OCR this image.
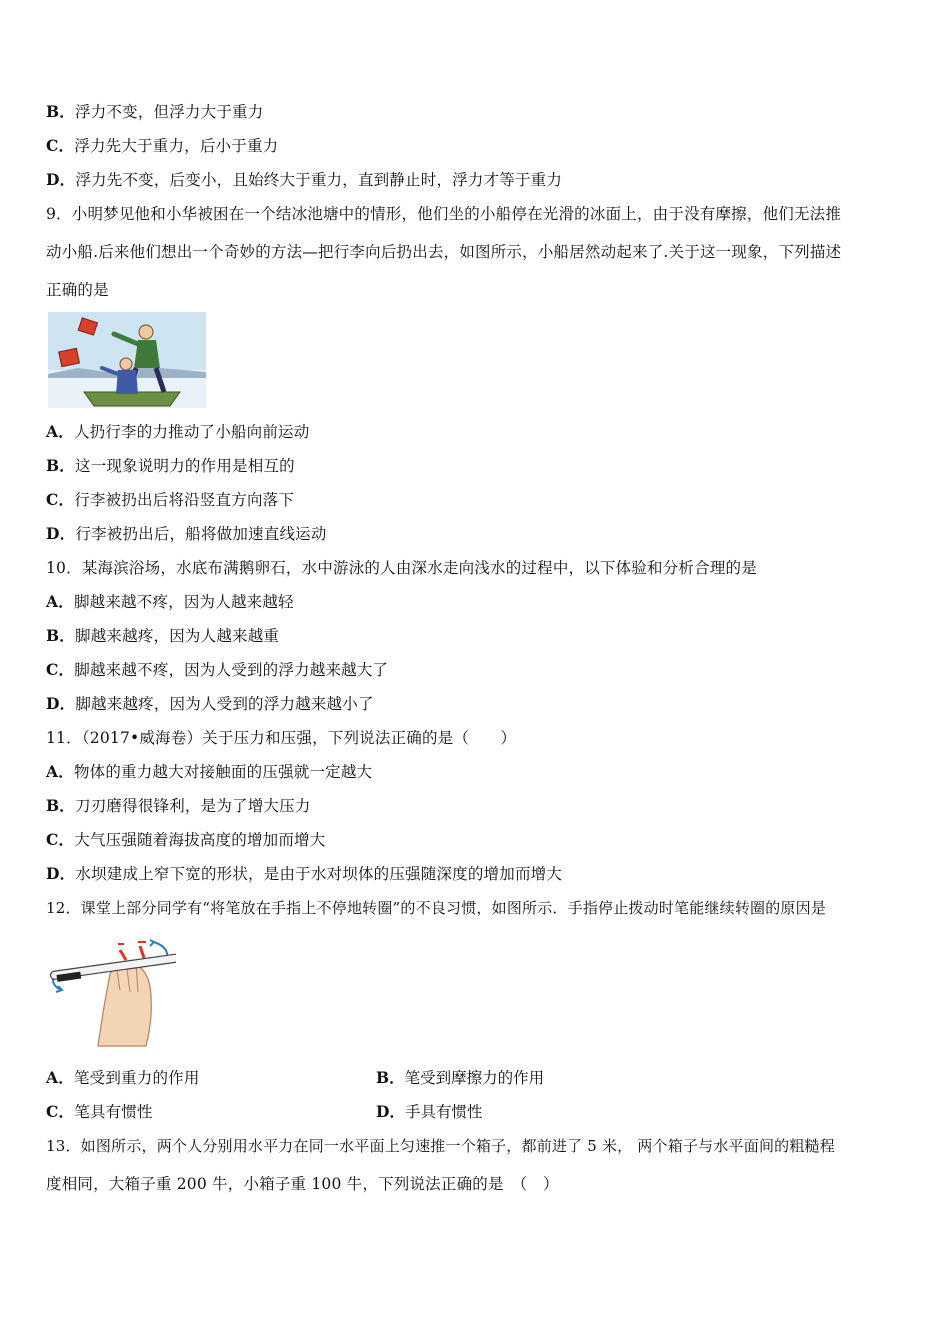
B．浮力不变，但浮力大于重力
C．浮力先大于重力，后小于重力
D．浮力先不变，后变小，且始终大于重力，直到静止时，浮力才等于重力
9．小明梦见他和小华被困在一个结冰池塘中的情形，他们坐的小船停在光滑的冰面上，由于没有摩擦，他们无法推
动小船.后来他们想出一个奇妙的方法—把行李向后扔出去，如图所示，小船居然动起来了.关于这一现象，下列描述
正确的是
A．人扔行李的力推动了小船向前运动
B．这一现象说明力的作用是相互的
C．行李被扔出后将沿竖直方向落下
D．行李被扔出后，船将做加速直线运动
10．某海滨浴场，水底布满鹅卵石，水中游泳的人由深水走向浅水的过程中，以下体验和分析合理的是
A．脚越来越不疼，因为人越来越轻
B．脚越来越疼，因为人越来越重
C．脚越来越不疼，因为人受到的浮力越来越大了
D．脚越来越疼，因为人受到的浮力越来越小了
11．（2017•威海卷）关于压力和压强，下列说法正确的是（　　）
A．物体的重力越大对接触面的压强就一定越大
B．刀刃磨得很锋利，是为了增大压力
C．大气压强随着海拔高度的增加而增大
D．水坝建成上窄下宽的形状，是由于水对坝体的压强随深度的增加而增大
12．课堂上部分同学有“将笔放在手指上不停地转圈”的不良习惯，如图所示．手指停止拨动时笔能继续转圈的原因是
A．笔受到重力的作用	B．笔受到摩擦力的作用
C．笔具有惯性	D．手具有惯性
13．如图所示，两个人分别用水平力在同一水平面上匀速推一个箱子，都前进了 5 米， 两个箱子与水平面间的粗糙程
度相同，大箱子重 200 牛，小箱子重 100 牛，下列说法正确的是　（　）
